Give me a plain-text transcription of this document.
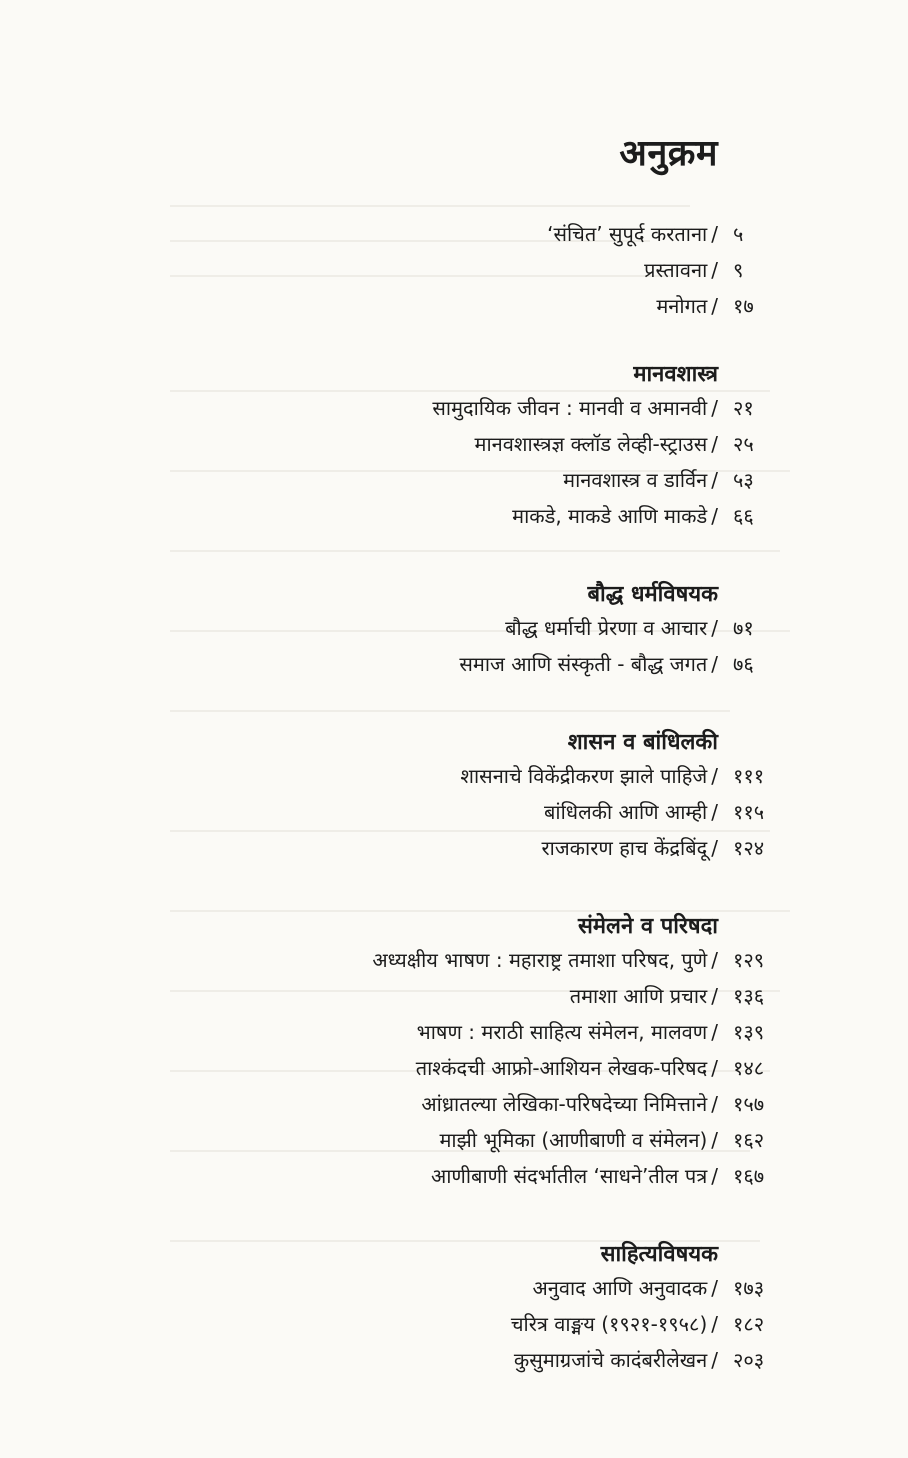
अनुक्रम
‘संचित’ सुपूर्द करताना / ५
प्रस्तावना / ९
मनोगत / १७
मानवशास्त्र
सामुदायिक जीवन : मानवी व अमानवी / २१
मानवशास्त्रज्ञ क्लॉड लेव्ही-स्ट्राउस / २५
मानवशास्त्र व डार्विन / ५३
माकडे, माकडे आणि माकडे / ६६
बौद्ध धर्मविषयक
बौद्ध धर्माची प्रेरणा व आचार / ७१
समाज आणि संस्कृती - बौद्ध जगत / ७६
शासन व बांधिलकी
शासनाचे विकेंद्रीकरण झाले पाहिजे / १११
बांधिलकी आणि आम्ही / ११५
राजकारण हाच केंद्रबिंदू / १२४
संमेलने व परिषदा
अध्यक्षीय भाषण : महाराष्ट्र तमाशा परिषद, पुणे / १२९
तमाशा आणि प्रचार / १३६
भाषण : मराठी साहित्य संमेलन, मालवण / १३९
ताश्कंदची आफ्रो-आशियन लेखक-परिषद / १४८
आंध्रातल्या लेखिका-परिषदेच्या निमित्ताने / १५७
माझी भूमिका (आणीबाणी व संमेलन) / १६२
आणीबाणी संदर्भातील ‘साधने’तील पत्र / १६७
साहित्यविषयक
अनुवाद आणि अनुवादक / १७३
चरित्र वाङ्मय (१९२१-१९५८) / १८२
कुसुमाग्रजांचे कादंबरीलेखन / २०३
